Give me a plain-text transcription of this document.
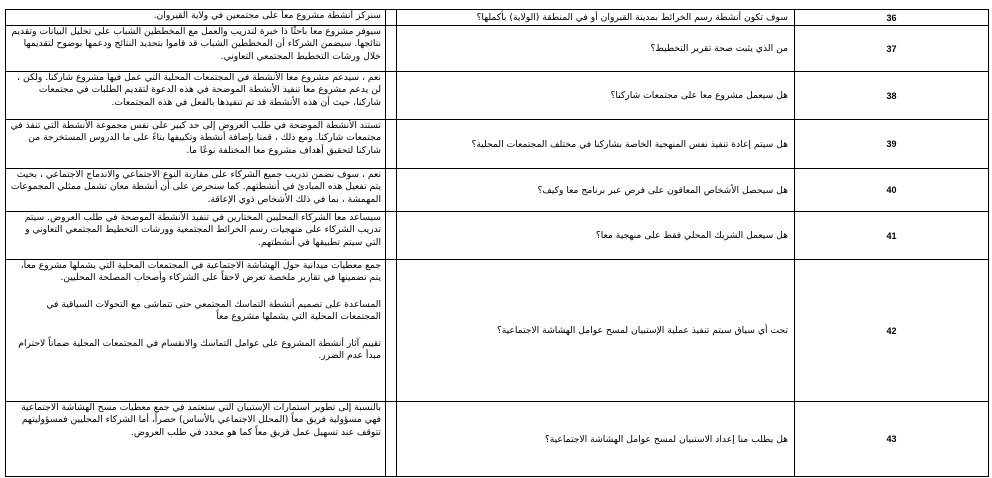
36	سوف تكون أنشطة رسم الخرائط بمدينة القيروان أو في المنطقة (الولاية) بأكملها؟		سنركز أنشطة مشروع معاً على مجتمعين في ولاية القيروان.

37	من الذي يثبت صحة تقرير التخطيط؟		سيوفر مشروع معا باحثًا ذا خبرة لتدريب والعمل مع المخططين الشباب على تحليل البيانات وتقديم نتائجها. سيضمن الشركاء أن المخططين الشباب قد قاموا بتحديد النتائج ودعمها بوضوح لتقديمها خلال ورشات التخطيط المجتمعي التعاوني.

38	هل سيعمل مشروع معا على مجتمعات شاركنا؟		نعم ، سيدعم مشروع معا الأنشطة في المجتمعات المحلية التي عمل فيها مشروع شاركنا. ولكن ، لن يدعم مشروع معا تنفيذ الأنشطة الموضحة في هذه الدعوة لتقديم الطلبات في مجتمعات شاركنا، حيث أن هذه الأنشطة قد تم تنفيذها بالفعل في هذه المجتمعات.

39	هل سيتم إعادة تنفيذ نفس المنهجية الخاصة بشاركنا في مختلف المجتمعات المحلية؟		تستند الأنشطة الموضحة في طلب العروض إلى حد كبير على نفس مجموعة الأنشطة التي تنفذ في مجتمعات شاركنا. ومع ذلك ، قمنا بإضافة أنشطة وتكييفها بناءً على ما الدروس المستخرجة من شاركنا لتحقيق أهداف مشروع معا المختلفة نوعًا ما.

40	هل سيحصل الأشخاص المعاقون على فرص عبر برنامج معا وكيف؟		نعم ، سوف نضمن تدريب جميع الشركاء على مقاربة النوع الاجتماعي والاندماج الاجتماعي ، بحيث يتم تفعيل هذه المبادئ في أنشطتهم. كما سنحرص على أن أنشطة معان تشمل ممثلي المجموعات المهمشة ، بما في ذلك الأشخاص ذوي الإعاقة.

41	هل سيعمل الشريك المحلي فقط على منهجية معا؟		سيساعد معا الشركاء المحليين المختارين في تنفيذ الأنشطة الموضحة في طلب العروض. سيتم تدريب الشركاء على منهجيات رسم الخرائط المجتمعية وورشات التخطيط المجتمعي التعاوني و التي سيتم تطبيقها في أنشطتهم.

42	تحت أي سياق سيتم تنفيذ عملية الإستبيان لمسح عوامل الهشاشة الاجتماعية؟		جمع معطيات ميدانية حول الهشاشة الاجتماعية في المجتمعات المحلية التي يشملها مشروع معاً، يتم تضمينها في تقارير ملخصة تعرض لاحقاً على الشركاء وأصحاب المصلحة المحليين.
المساعدة على تصميم أنشطة التماسك المجتمعي حتى تتماشى مع التحولات السياقية في المجتمعات المحلية التي يشملها مشروع معاً
تقييم آثار أنشطة المشروع على عوامل التماسك والانقسام في المجتمعات المحلية ضماناً لاحترام مبدأ عدم الضرر.

43	هل يطلب منا إعداد الاستبيان لمسح عوامل الهشاشة الاجتماعية؟		بالنسبة إلى تطوير استمارات الإستبيان التي ستعتمد في جمع معطيات مسح الهشاشة الاجتماعية فهي مسؤولية فريق معاً (المحلل الاجتماعي بالأساس) حصراً، أما الشركاء المحليين فمسؤوليتهم تتوقف عند تسهيل عمل فريق معاً كما هو محدد في طلب العروض.
